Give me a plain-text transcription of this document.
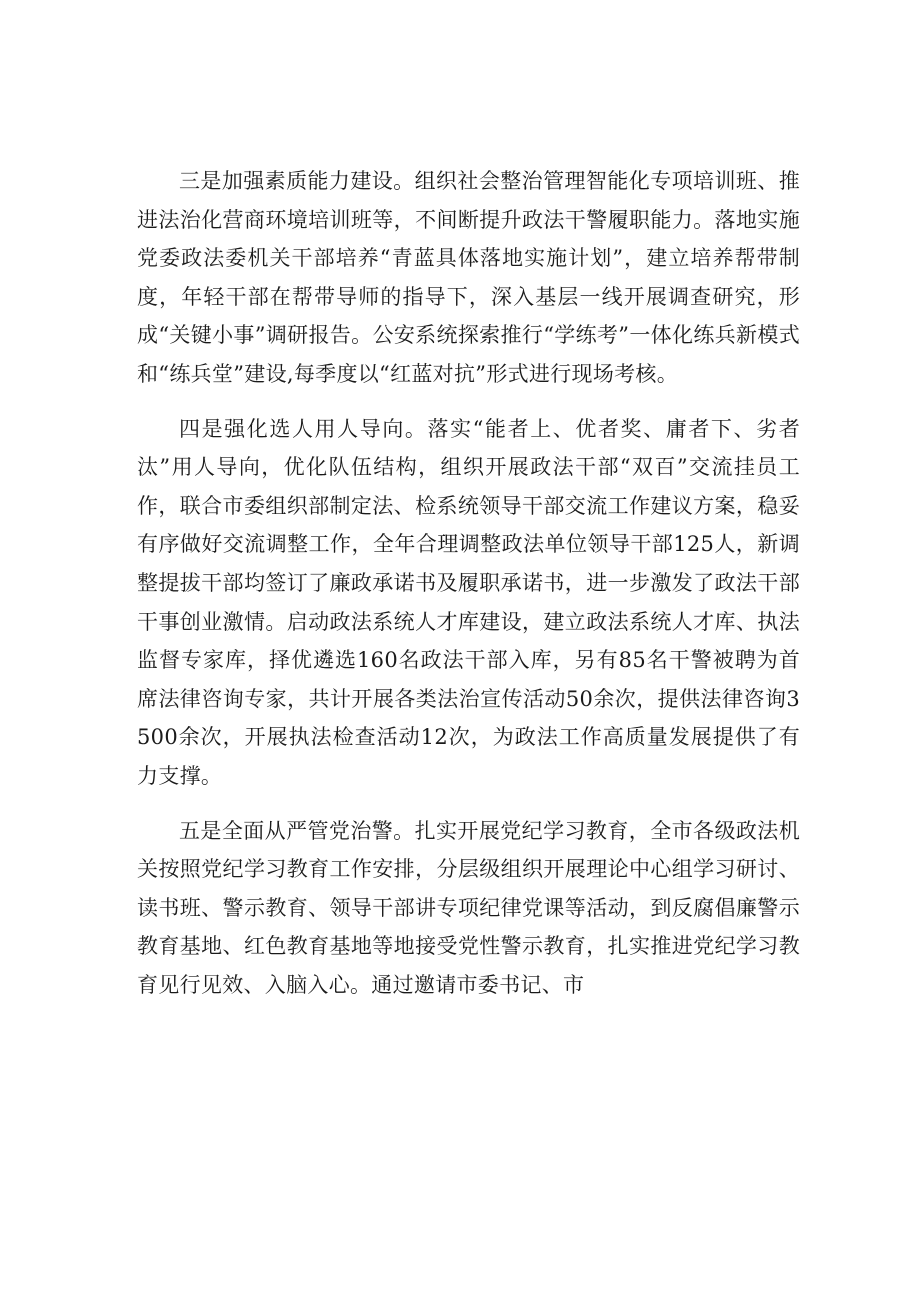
三是加强素质能力建设。组织社会整治管理智能化专项培训班、推进法治化营商环境培训班等，不间断提升政法干警履职能力。落地实施党委政法委机关干部培养“青蓝具体落地实施计划”，建立培养帮带制度，年轻干部在帮带导师的指导下，深入基层一线开展调查研究，形成“关键小事”调研报告。公安系统探索推行“学练考”一体化练兵新模式和“练兵堂”建设,每季度以“红蓝对抗”形式进行现场考核。

四是强化选人用人导向。落实“能者上、优者奖、庸者下、劣者汰”用人导向，优化队伍结构，组织开展政法干部“双百”交流挂员工作，联合市委组织部制定法、检系统领导干部交流工作建议方案，稳妥有序做好交流调整工作，全年合理调整政法单位领导干部125人，新调整提拔干部均签订了廉政承诺书及履职承诺书，进一步激发了政法干部干事创业激情。启动政法系统人才库建设，建立政法系统人才库、执法监督专家库，择优遴选160名政法干部入库，另有85名干警被聘为首席法律咨询专家，共计开展各类法治宣传活动50余次，提供法律咨询3500余次，开展执法检查活动12次，为政法工作高质量发展提供了有力支撑。

五是全面从严管党治警。扎实开展党纪学习教育，全市各级政法机关按照党纪学习教育工作安排，分层级组织开展理论中心组学习研讨、读书班、警示教育、领导干部讲专项纪律党课等活动，到反腐倡廉警示教育基地、红色教育基地等地接受党性警示教育，扎实推进党纪学习教育见行见效、入脑入心。通过邀请市委书记、市
